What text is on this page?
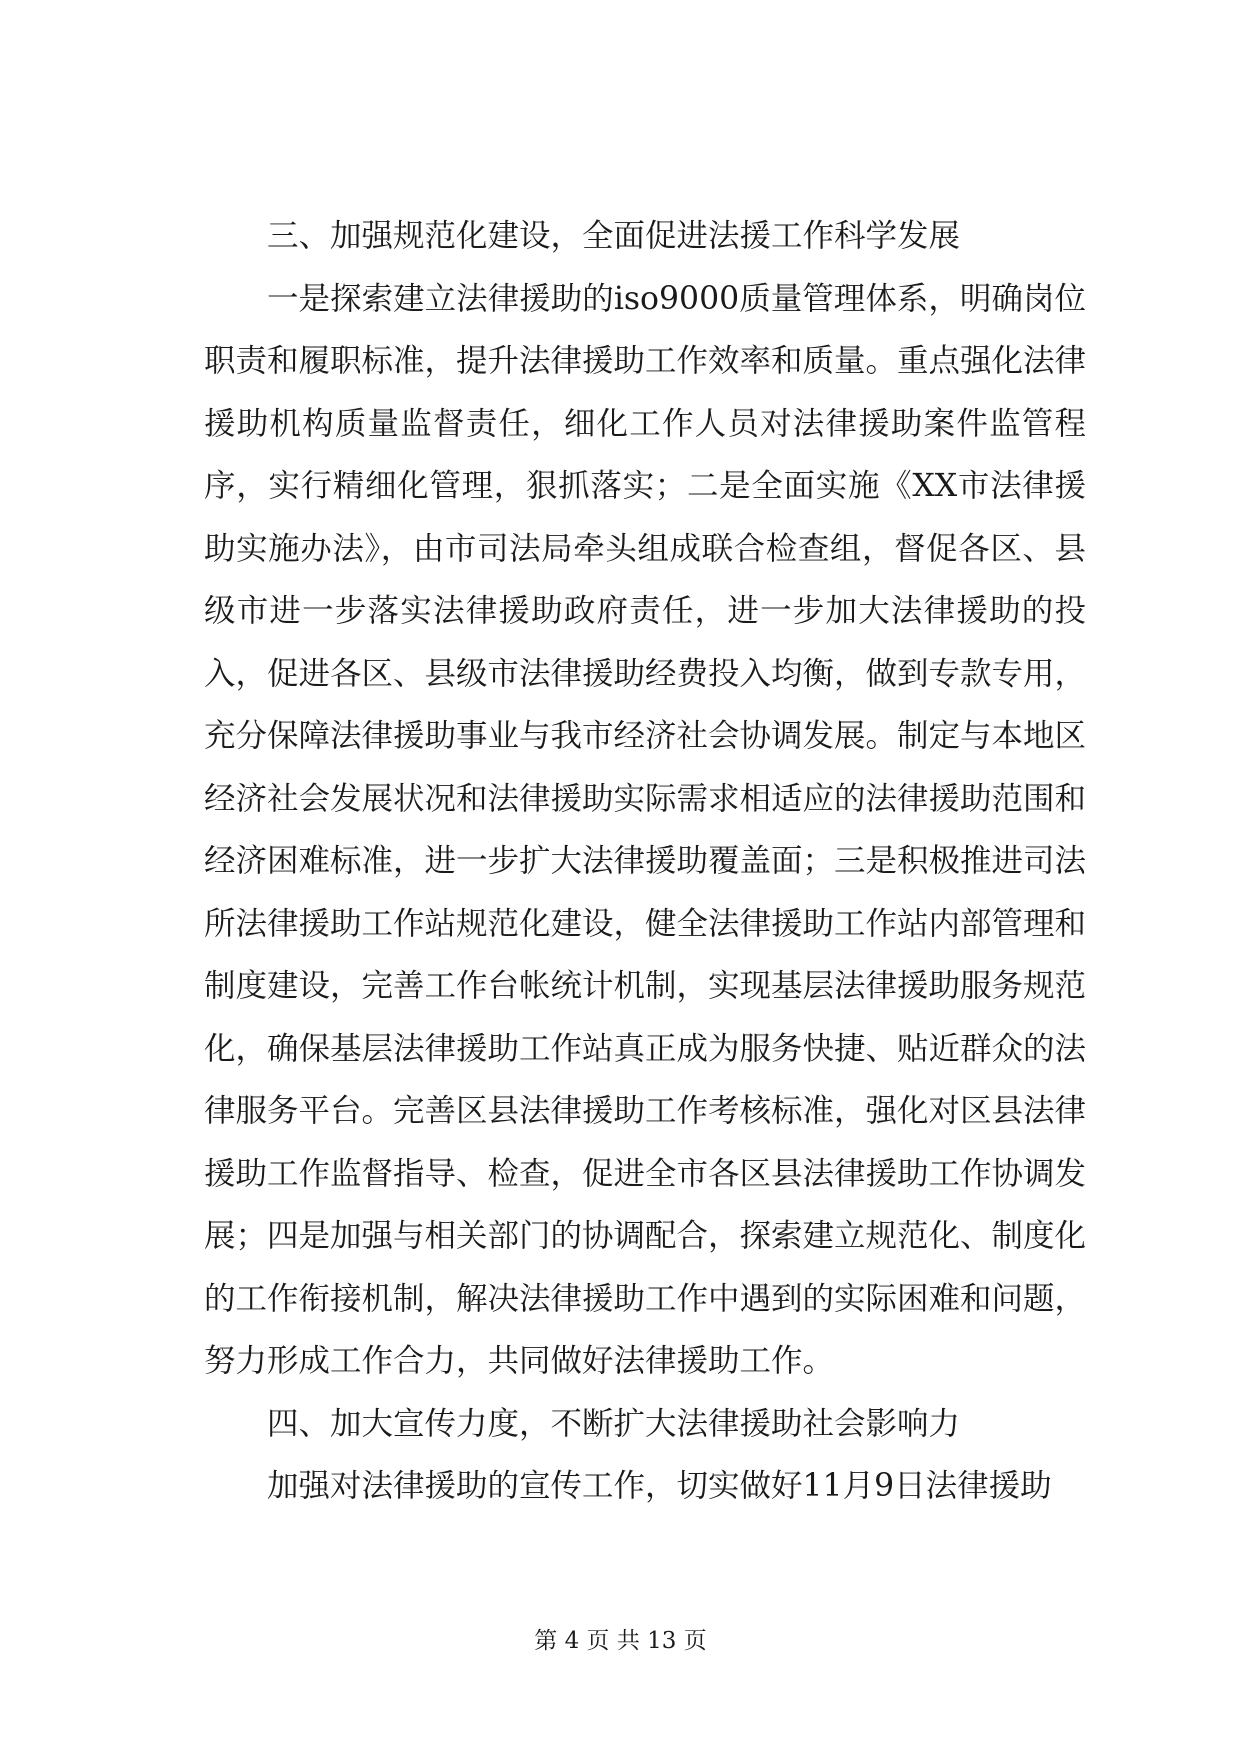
三、加强规范化建设，全面促进法援工作科学发展

一是探索建立法律援助的iso9000质量管理体系，明确岗位职责和履职标准，提升法律援助工作效率和质量。重点强化法律援助机构质量监督责任，细化工作人员对法律援助案件监管程序，实行精细化管理，狠抓落实；二是全面实施《XX市法律援助实施办法》，由市司法局牵头组成联合检查组，督促各区、县级市进一步落实法律援助政府责任，进一步加大法律援助的投入，促进各区、县级市法律援助经费投入均衡，做到专款专用，充分保障法律援助事业与我市经济社会协调发展。制定与本地区经济社会发展状况和法律援助实际需求相适应的法律援助范围和经济困难标准，进一步扩大法律援助覆盖面；三是积极推进司法所法律援助工作站规范化建设，健全法律援助工作站内部管理和制度建设，完善工作台帐统计机制，实现基层法律援助服务规范化，确保基层法律援助工作站真正成为服务快捷、贴近群众的法律服务平台。完善区县法律援助工作考核标准，强化对区县法律援助工作监督指导、检查，促进全市各区县法律援助工作协调发展；四是加强与相关部门的协调配合，探索建立规范化、制度化的工作衔接机制，解决法律援助工作中遇到的实际困难和问题，努力形成工作合力，共同做好法律援助工作。

四、加大宣传力度，不断扩大法律援助社会影响力

加强对法律援助的宣传工作，切实做好11月9日法律援助

第 4 页 共 13 页
